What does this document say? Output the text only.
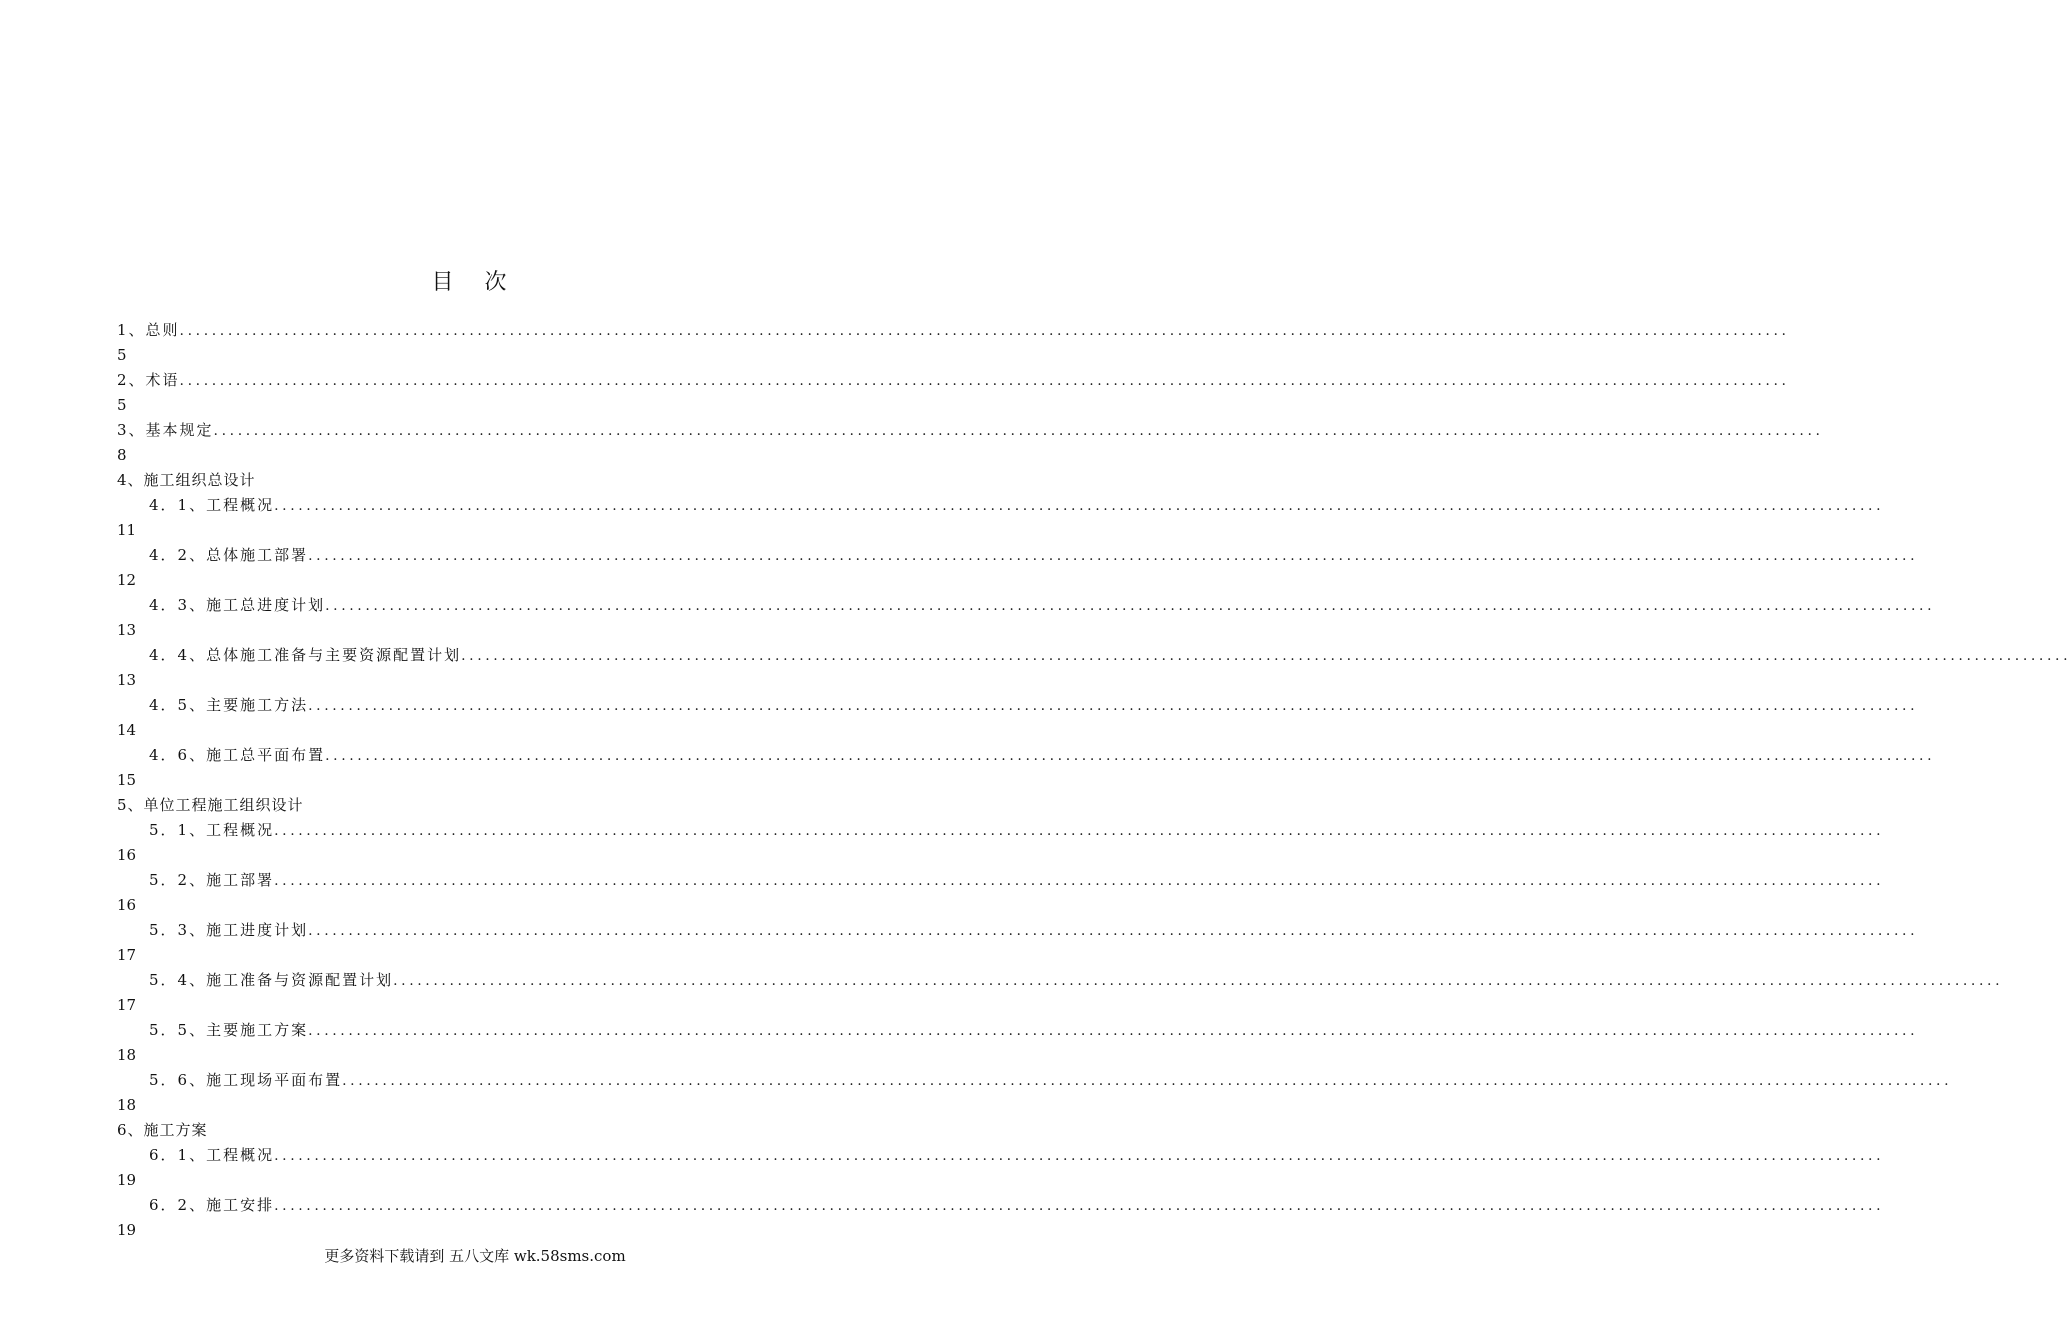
目 次
1、总则 ........................................................................................................................................................................................................
5
2、术语 ........................................................................................................................................................................................................
5
3、基本规定 ........................................................................................................................................................................................................
8
4、施工组织总设计
4．1、工程概况 ........................................................................................................................................................................................................
11
4．2、总体施工部署 ........................................................................................................................................................................................................
12
4．3、施工总进度计划 ........................................................................................................................................................................................................
13
4．4、总体施工准备与主要资源配置计划 ........................................................................................................................................................................................................
13
4．5、主要施工方法 ........................................................................................................................................................................................................
14
4．6、施工总平面布置 ........................................................................................................................................................................................................
15
5、单位工程施工组织设计
5．1、工程概况 ........................................................................................................................................................................................................
16
5．2、施工部署 ........................................................................................................................................................................................................
16
5．3、施工进度计划 ........................................................................................................................................................................................................
17
5．4、施工准备与资源配置计划 ........................................................................................................................................................................................................
17
5．5、主要施工方案 ........................................................................................................................................................................................................
18
5．6、施工现场平面布置 ........................................................................................................................................................................................................
18
6、施工方案
6．1、工程概况 ........................................................................................................................................................................................................
19
6．2、施工安排 ........................................................................................................................................................................................................
19
更多资料下载请到 五八文库 wk.58sms.com
